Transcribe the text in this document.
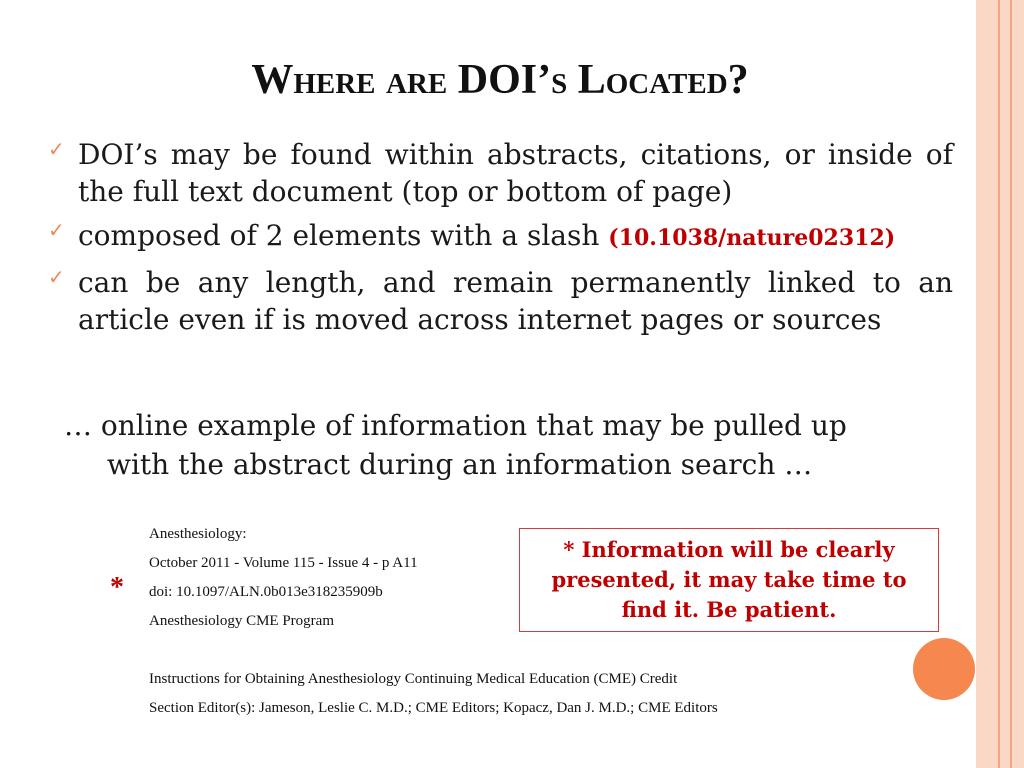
Where are DOI’s Located?
✓ DOI’s may be found within abstracts, citations, or inside of the full text document (top or bottom of page)
✓ composed of 2 elements with a slash (10.1038/nature02312)
✓ can be any length, and remain permanently linked to an article even if is moved across internet pages or sources
… online example of information that may be pulled up
with the abstract during an information search …
*
Anesthesiology:
October 2011 - Volume 115 - Issue 4 - p A11
doi: 10.1097/ALN.0b013e318235909b
Anesthesiology CME Program
Instructions for Obtaining Anesthesiology Continuing Medical Education (CME) Credit
Section Editor(s): Jameson, Leslie C. M.D.; CME Editors; Kopacz, Dan J. M.D.; CME Editors
* Information will be clearly
presented, it may take time to
find it. Be patient.
